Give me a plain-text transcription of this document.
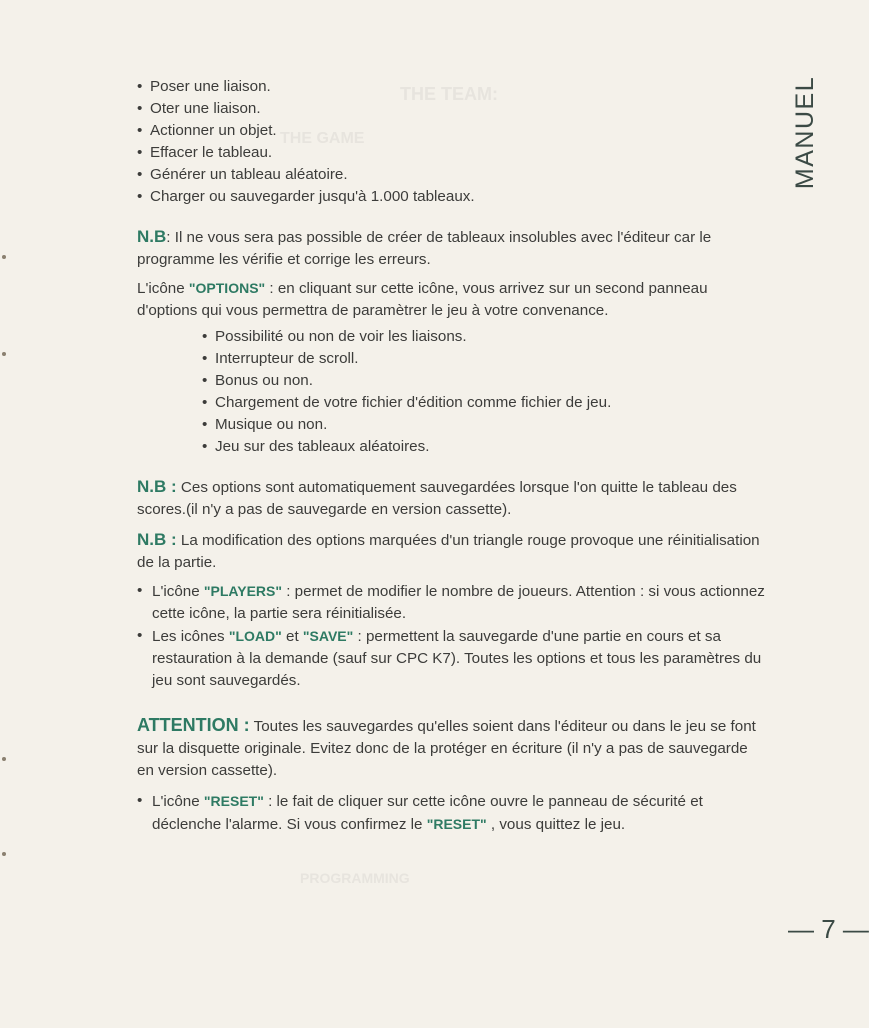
THE TEAM:
THE GAME
PROGRAMMING
MANUEL
• Poser une liaison.
• Oter une liaison.
• Actionner un objet.
• Effacer le tableau.
• Générer un tableau aléatoire.
• Charger ou sauvegarder jusqu'à 1.000 tableaux.

N.B: Il ne vous sera pas possible de créer de tableaux insolubles avec l'éditeur car le programme les vérifie et corrige les erreurs.

L'icône "OPTIONS" : en cliquant sur cette icône, vous arrivez sur un second panneau d'options qui vous permettra de paramètrer le jeu à votre convenance.

• Possibilité ou non de voir les liaisons.
• Interrupteur de scroll.
• Bonus ou non.
• Chargement de votre fichier d'édition comme fichier de jeu.
• Musique ou non.
• Jeu sur des tableaux aléatoires.

N.B : Ces options sont automatiquement sauvegardées lorsque l'on quitte le tableau des scores.(il n'y a pas de sauvegarde en version cassette).

N.B : La modification des options marquées d'un triangle rouge provoque une réinitialisation de la partie.

• L'icône "PLAYERS" : permet de modifier le nombre de joueurs. Attention : si vous actionnez cette icône, la partie sera réinitialisée.
• Les icônes "LOAD" et "SAVE" : permettent la sauvegarde d'une partie en cours et sa restauration à la demande (sauf sur CPC K7). Toutes les options et tous les paramètres du jeu sont sauvegardés.

ATTENTION : Toutes les sauvegardes qu'elles soient dans l'éditeur ou dans le jeu se font sur la disquette originale. Evitez donc de la protéger en écriture (il n'y a pas de sauvegarde en version cassette).

• L'icône "RESET" : le fait de cliquer sur cette icône ouvre le panneau de sécurité et déclenche l'alarme. Si vous confirmez le "RESET" , vous quittez le jeu.
— 7 —
